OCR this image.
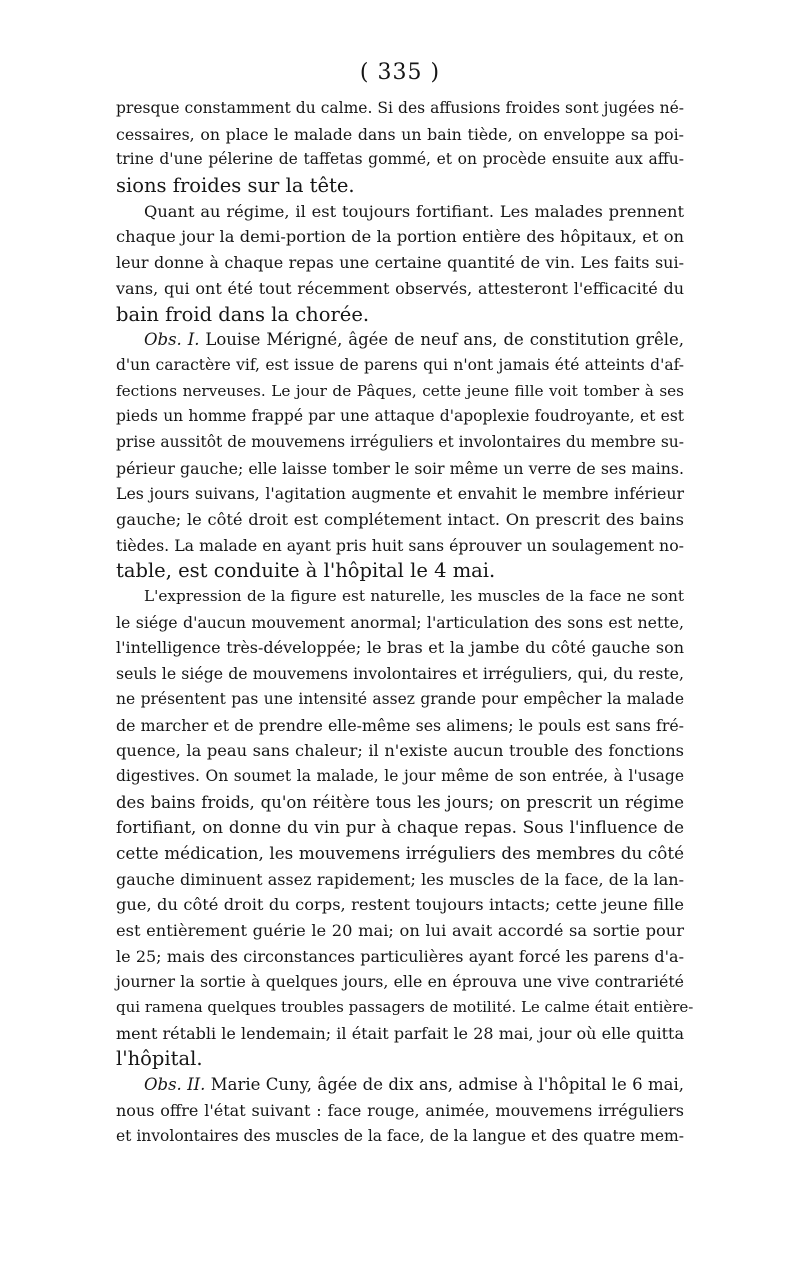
( 335 )
presque constamment du calme. Si des affusions froides sont jugées né-
cessaires, on place le malade dans un bain tiède, on enveloppe sa poi-
trine d'une pélerine de taffetas gommé, et on procède ensuite aux affu-
sions froides sur la tête.
Quant au régime, il est toujours fortifiant. Les malades prennent
chaque jour la demi-portion de la portion entière des hôpitaux, et on
leur donne à chaque repas une certaine quantité de vin. Les faits sui-
vans, qui ont été tout récemment observés, attesteront l'efficacité du
bain froid dans la chorée.
Obs. I. Louise Mérigné, âgée de neuf ans, de constitution grêle,
d'un caractère vif, est issue de parens qui n'ont jamais été atteints d'af-
fections nerveuses. Le jour de Pâques, cette jeune fille voit tomber à ses
pieds un homme frappé par une attaque d'apoplexie foudroyante, et est
prise aussitôt de mouvemens irréguliers et involontaires du membre su-
périeur gauche; elle laisse tomber le soir même un verre de ses mains.
Les jours suivans, l'agitation augmente et envahit le membre inférieur
gauche; le côté droit est complétement intact. On prescrit des bains
tièdes. La malade en ayant pris huit sans éprouver un soulagement no-
table, est conduite à l'hôpital le 4 mai.
L'expression de la figure est naturelle, les muscles de la face ne sont
le siége d'aucun mouvement anormal; l'articulation des sons est nette,
l'intelligence très-développée; le bras et la jambe du côté gauche son
seuls le siége de mouvemens involontaires et irréguliers, qui, du reste,
ne présentent pas une intensité assez grande pour empêcher la malade
de marcher et de prendre elle-même ses alimens; le pouls est sans fré-
quence, la peau sans chaleur; il n'existe aucun trouble des fonctions
digestives. On soumet la malade, le jour même de son entrée, à l'usage
des bains froids, qu'on réitère tous les jours; on prescrit un régime
fortifiant, on donne du vin pur à chaque repas. Sous l'influence de
cette médication, les mouvemens irréguliers des membres du côté
gauche diminuent assez rapidement; les muscles de la face, de la lan-
gue, du côté droit du corps, restent toujours intacts; cette jeune fille
est entièrement guérie le 20 mai; on lui avait accordé sa sortie pour
le 25; mais des circonstances particulières ayant forcé les parens d'a-
journer la sortie à quelques jours, elle en éprouva une vive contrariété
qui ramena quelques troubles passagers de motilité. Le calme était entière-
ment rétabli le lendemain; il était parfait le 28 mai, jour où elle quitta
l'hôpital.
Obs. II. Marie Cuny, âgée de dix ans, admise à l'hôpital le 6 mai,
nous offre l'état suivant : face rouge, animée, mouvemens irréguliers
et involontaires des muscles de la face, de la langue et des quatre mem-
